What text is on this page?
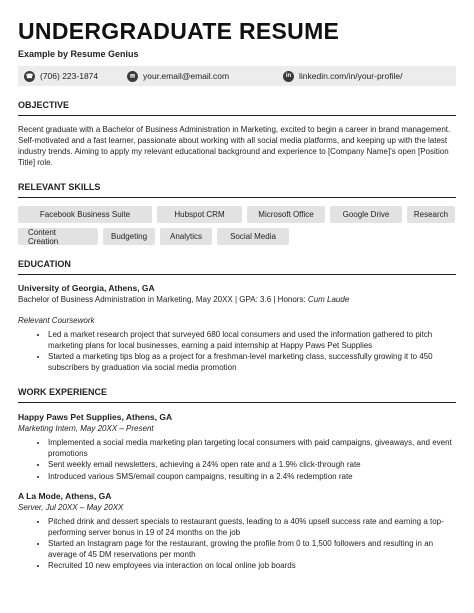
UNDERGRADUATE RESUME
Example by Resume Genius
☎ (706) 223-1874	✉ your.email@email.com	in linkedin.com/in/your-profile/
OBJECTIVE
Recent graduate with a Bachelor of Business Administration in Marketing, excited to begin a career in brand management. Self-motivated and a fast learner, passionate about working with all social media platforms, and keeping up with the latest industry trends. Aiming to apply my relevant educational background and experience to [Company Name]'s open [Position Title] role.
RELEVANT SKILLS
Facebook Business Suite	Hubspot CRM	Microsoft Office	Google Drive	Research
Content Creation	Budgeting	Analytics	Social Media
EDUCATION
University of Georgia, Athens, GA
Bachelor of Business Administration in Marketing, May 20XX | GPA: 3.6 | Honors: Cum Laude
Relevant Coursework
• Led a market research project that surveyed 680 local consumers and used the information gathered to pitch marketing plans for local businesses, earning a paid internship at Happy Paws Pet Supplies
• Started a marketing tips blog as a project for a freshman-level marketing class, successfully growing it to 450 subscribers by graduation via social media promotion
WORK EXPERIENCE
Happy Paws Pet Supplies, Athens, GA
Marketing Intern, May 20XX – Present
• Implemented a social media marketing plan targeting local consumers with paid campaigns, giveaways, and event promotions
• Sent weekly email newsletters, achieving a 24% open rate and a 1.9% click-through rate
• Introduced various SMS/email coupon campaigns, resulting in a 2.4% redemption rate
A La Mode, Athens, GA
Server, Jul 20XX – May 20XX
• Pitched drink and dessert specials to restaurant guests, leading to a 40% upsell success rate and earning a top-performing server bonus in 19 of 24 months on the job
• Started an Instagram page for the restaurant, growing the profile from 0 to 1,500 followers and resulting in an average of 45 DM reservations per month
• Recruited 10 new employees via interaction on local online job boards
